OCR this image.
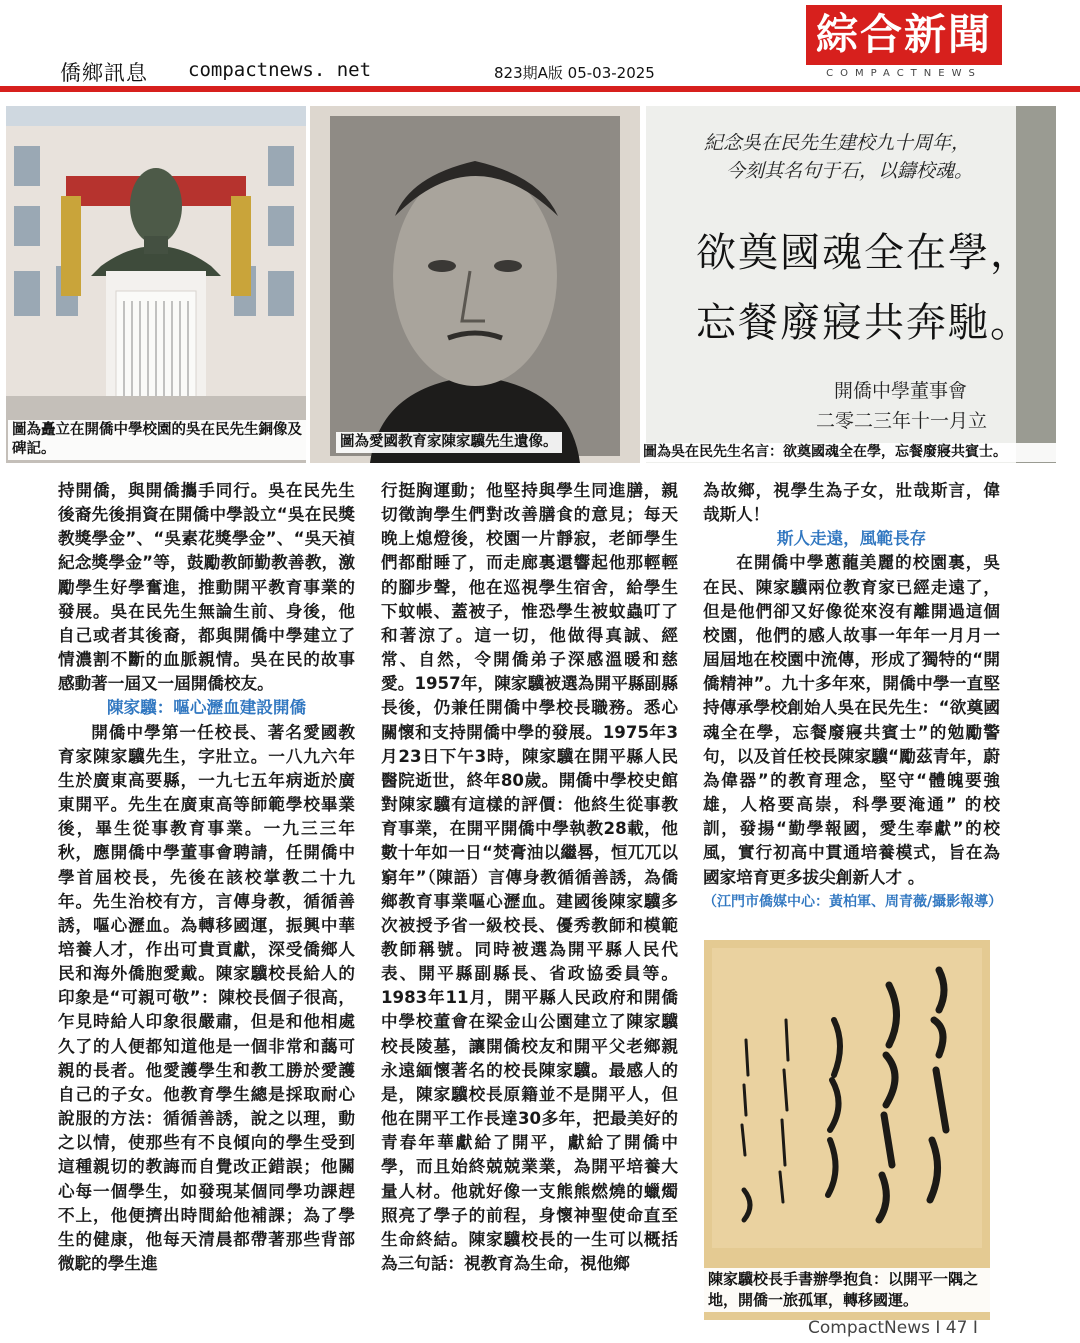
僑鄉訊息 compactnews. net	823期A版 05-03-2025
綜合新聞
COMPACTNEWS
圖為矗立在開僑中學校園的吳在民先生銅像及碑記。	圖為愛國教育家陳家驥先生遺像。
紀念吳在民先生建校九十周年，
今刻其名句于石，以鑄校魂。
欲奠國魂全在學，
忘餐廢寢共奔馳。
開僑中學董事會
二零二三年十一月立
圖為吳在民先生名言：欲奠國魂全在學，忘餐廢寢共賓士。

持開僑，與開僑攜手同行。吳在民先生後裔先後捐資在開僑中學設立“吳在民獎教獎學金”、“吳素花獎學金”、“吳天禎紀念獎學金”等，鼓勵教師勤教善教，激勵學生好學奮進，推動開平教育事業的發展。吳在民先生無論生前、身後，他自己或者其後裔，都與開僑中學建立了情濃割不斷的血脈親情。吳在民的故事感動著一屆又一屆開僑校友。

陳家驥：嘔心瀝血建設開僑

開僑中學第一任校長、著名愛國教育家陳家驥先生，字壯立。一八九六年生於廣東高要縣，一九七五年病逝於廣東開平。先生在廣東高等師範學校畢業後，畢生從事教育事業。一九三三年秋，應開僑中學董事會聘請，任開僑中學首屆校長，先後在該校掌教二十九年。先生治校有方，言傳身教，循循善誘，嘔心瀝血。為轉移國運，振興中華培養人才，作出可貴貢獻，深受僑鄉人民和海外僑胞愛戴。陳家驥校長給人的印象是“可親可敬”：陳校長個子很高，乍見時給人印象很嚴肅，但是和他相處久了的人便都知道他是一個非常和藹可親的長者。他愛護學生和教工勝於愛護自己的子女。他教育學生總是採取耐心說服的方法：循循善誘，說之以理，動之以情，使那些有不良傾向的學生受到這種親切的教誨而自覺改正錯誤；他關心每一個學生，如發現某個同學功課趕不上，他便擠出時間給他補課；為了學生的健康，他每天清晨都帶著那些背部微駝的學生進

行挺胸運動；他堅持與學生同進膳，親切徵詢學生們對改善膳食的意見；每天晚上熄燈後，校園一片靜寂，老師學生們都酣睡了，而走廊裏還響起他那輕輕的腳步聲，他在巡視學生宿舍，給學生下蚊帳、蓋被子，惟恐學生被蚊蟲叮了和著涼了。這一切，他做得真誠、經常、自然，令開僑弟子深感溫暖和慈愛。1957年，陳家驥被選為開平縣副縣長後，仍兼任開僑中學校長職務。悉心關懷和支持開僑中學的發展。1975年3月23日下午3時，陳家驥在開平縣人民醫院逝世，終年80歲。開僑中學校史館對陳家驥有這樣的評價：他終生從事教育事業，在開平開僑中學執教28載，他數十年如一日“焚膏油以繼晷，恒兀兀以窮年”（陳語）言傳身教循循善誘，為僑鄉教育事業嘔心瀝血。建國後陳家驥多次被授予省一級校長、優秀教師和模範教師稱號。同時被選為開平縣人民代表、開平縣副縣長、省政協委員等。1983年11月，開平縣人民政府和開僑中學校董會在梁金山公園建立了陳家驥校長陵墓，讓開僑校友和開平父老鄉親永遠緬懷著名的校長陳家驥。最感人的是，陳家驥校長原籍並不是開平人，但他在開平工作長達30多年，把最美好的青春年華獻給了開平，獻給了開僑中學，而且始終兢兢業業，為開平培養大量人材。他就好像一支熊熊燃燒的蠟燭照亮了學子的前程，身懷神聖使命直至生命終結。陳家驥校長的一生可以概括為三句話：視教育為生命，視他鄉

為故鄉，視學生為子女，壯哉斯言，偉哉斯人！

斯人走遠，風範長存

在開僑中學蔥蘢美麗的校園裏，吳在民、陳家驥兩位教育家已經走遠了，但是他們卻又好像從來沒有離開過這個校園，他們的感人故事一年年一月月一屆屆地在校園中流傳，形成了獨特的“開僑精神”。九十多年來，開僑中學一直堅持傳承學校創始人吳在民先生：“欲奠國魂全在學，忘餐廢寢共賓士”的勉勵警句，以及首任校長陳家驥“勵茲青年，蔚為偉器”的教育理念，堅守“體魄要強雄，人格要高崇，科學要淹通” 的校訓，發揚“勤學報國，愛生奉獻”的校風，實行初高中貫通培養模式，旨在為國家培育更多拔尖創新人才 。

（江門市僑媒中心：黃柏軍、周青薇/攝影報導）

陳家驥校長手書辦學抱負：以開平一隅之地，開僑一旅孤軍，轉移國運。
CompactNews I 47 I
